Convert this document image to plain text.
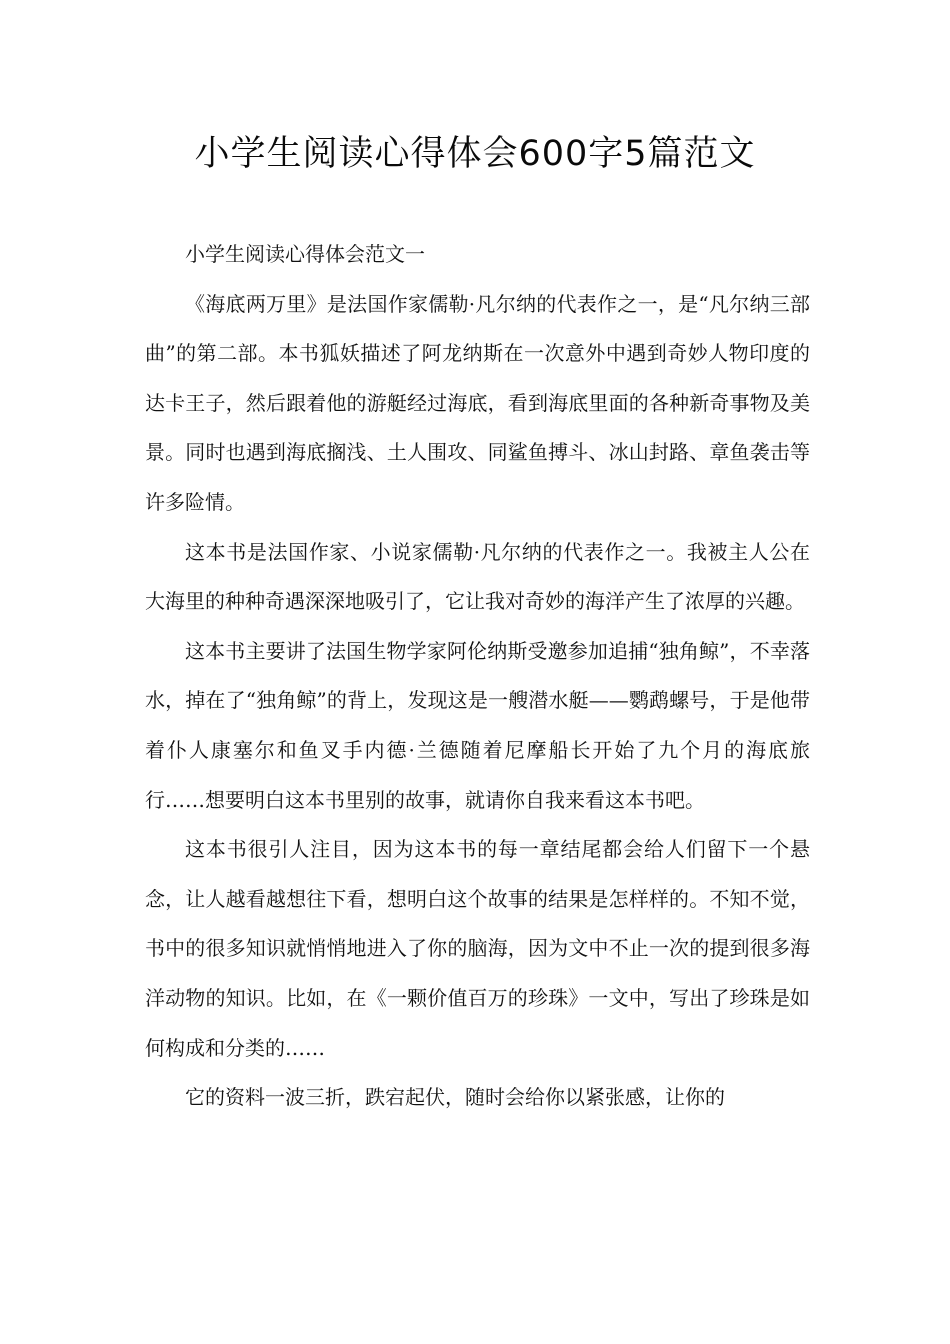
小学生阅读心得体会600字5篇范文

小学生阅读心得体会范文一

《海底两万里》是法国作家儒勒·凡尔纳的代表作之一，是“凡尔纳三部曲”的第二部。本书狐妖描述了阿龙纳斯在一次意外中遇到奇妙人物印度的达卡王子，然后跟着他的游艇经过海底，看到海底里面的各种新奇事物及美景。同时也遇到海底搁浅、土人围攻、同鲨鱼搏斗、冰山封路、章鱼袭击等许多险情。

这本书是法国作家、小说家儒勒·凡尔纳的代表作之一。我被主人公在大海里的种种奇遇深深地吸引了，它让我对奇妙的海洋产生了浓厚的兴趣。

这本书主要讲了法国生物学家阿伦纳斯受邀参加追捕“独角鲸”，不幸落水，掉在了“独角鲸”的背上，发现这是一艘潜水艇——鹦鹉螺号，于是他带着仆人康塞尔和鱼叉手内德·兰德随着尼摩船长开始了九个月的海底旅行……想要明白这本书里别的故事，就请你自我来看这本书吧。

这本书很引人注目，因为这本书的每一章结尾都会给人们留下一个悬念，让人越看越想往下看，想明白这个故事的结果是怎样样的。不知不觉，书中的很多知识就悄悄地进入了你的脑海，因为文中不止一次的提到很多海洋动物的知识。比如，在《一颗价值百万的珍珠》一文中，写出了珍珠是如何构成和分类的……

它的资料一波三折，跌宕起伏，随时会给你以紧张感，让你的
